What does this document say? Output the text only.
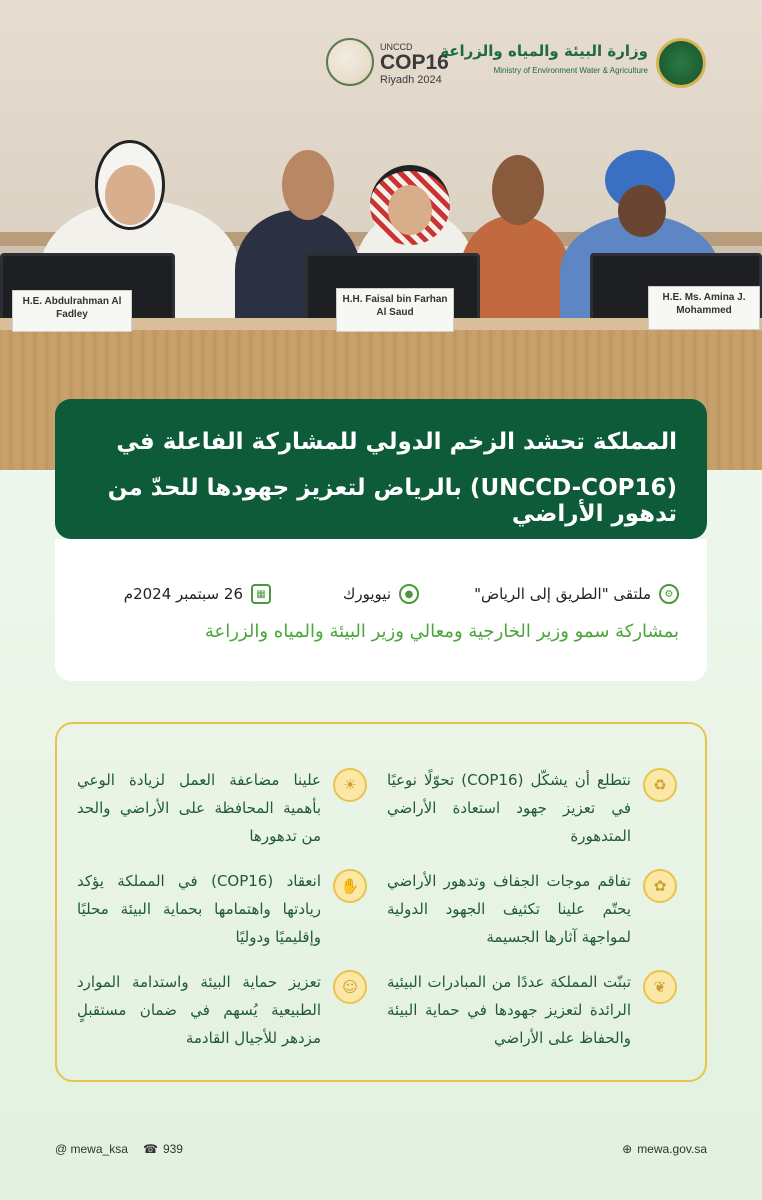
H.E. Abdulrahman Al Fadley
H.H. Faisal bin Farhan Al Saud
H.E. Ms. Amina J. Mohammed
UNCCD
COP16
Riyadh 2024
وزارة البيئة والمياه والزراعة
Ministry of Environment Water & Agriculture
المملكة تحشد الزخم الدولي للمشاركة الفاعلة في
(UNCCD-COP16) بالرياض لتعزيز جهودها للحدّ من تدهور الأراضي
⚙
ملتقى "الطريق إلى الرياض"
●
نيويورك
▦
26 سبتمبر 2024م
بمشاركة سمو وزير الخارجية ومعالي وزير البيئة والمياه والزراعة
♻
نتطلع أن يشكّل (COP16) تحوّلًا نوعيًا في تعزيز جهود استعادة الأراضي المتدهورة
✿
تفاقم موجات الجفاف وتدهور الأراضي يحتّم علينا تكثيف الجهود الدولية لمواجهة آثارها الجسيمة
❦
تبنّت المملكة عددًا من المبادرات البيئية الرائدة لتعزيز جهودها في حماية البيئة والحفاظ على الأراضي
☀
علينا مضاعفة العمل لزيادة الوعي بأهمية المحافظة على الأراضي والحد من تدهورها
✋
انعقاد (COP16) في المملكة يؤكد ريادتها واهتمامها بحماية البيئة محليًا وإقليميًا ودوليًا
☺
تعزيز حماية البيئة واستدامة الموارد الطبيعية يُسهم في ضمان مستقبلٍ مزدهر للأجيال القادمة
@ mewa_ksa ☎ 939	⊕ mewa.gov.sa
